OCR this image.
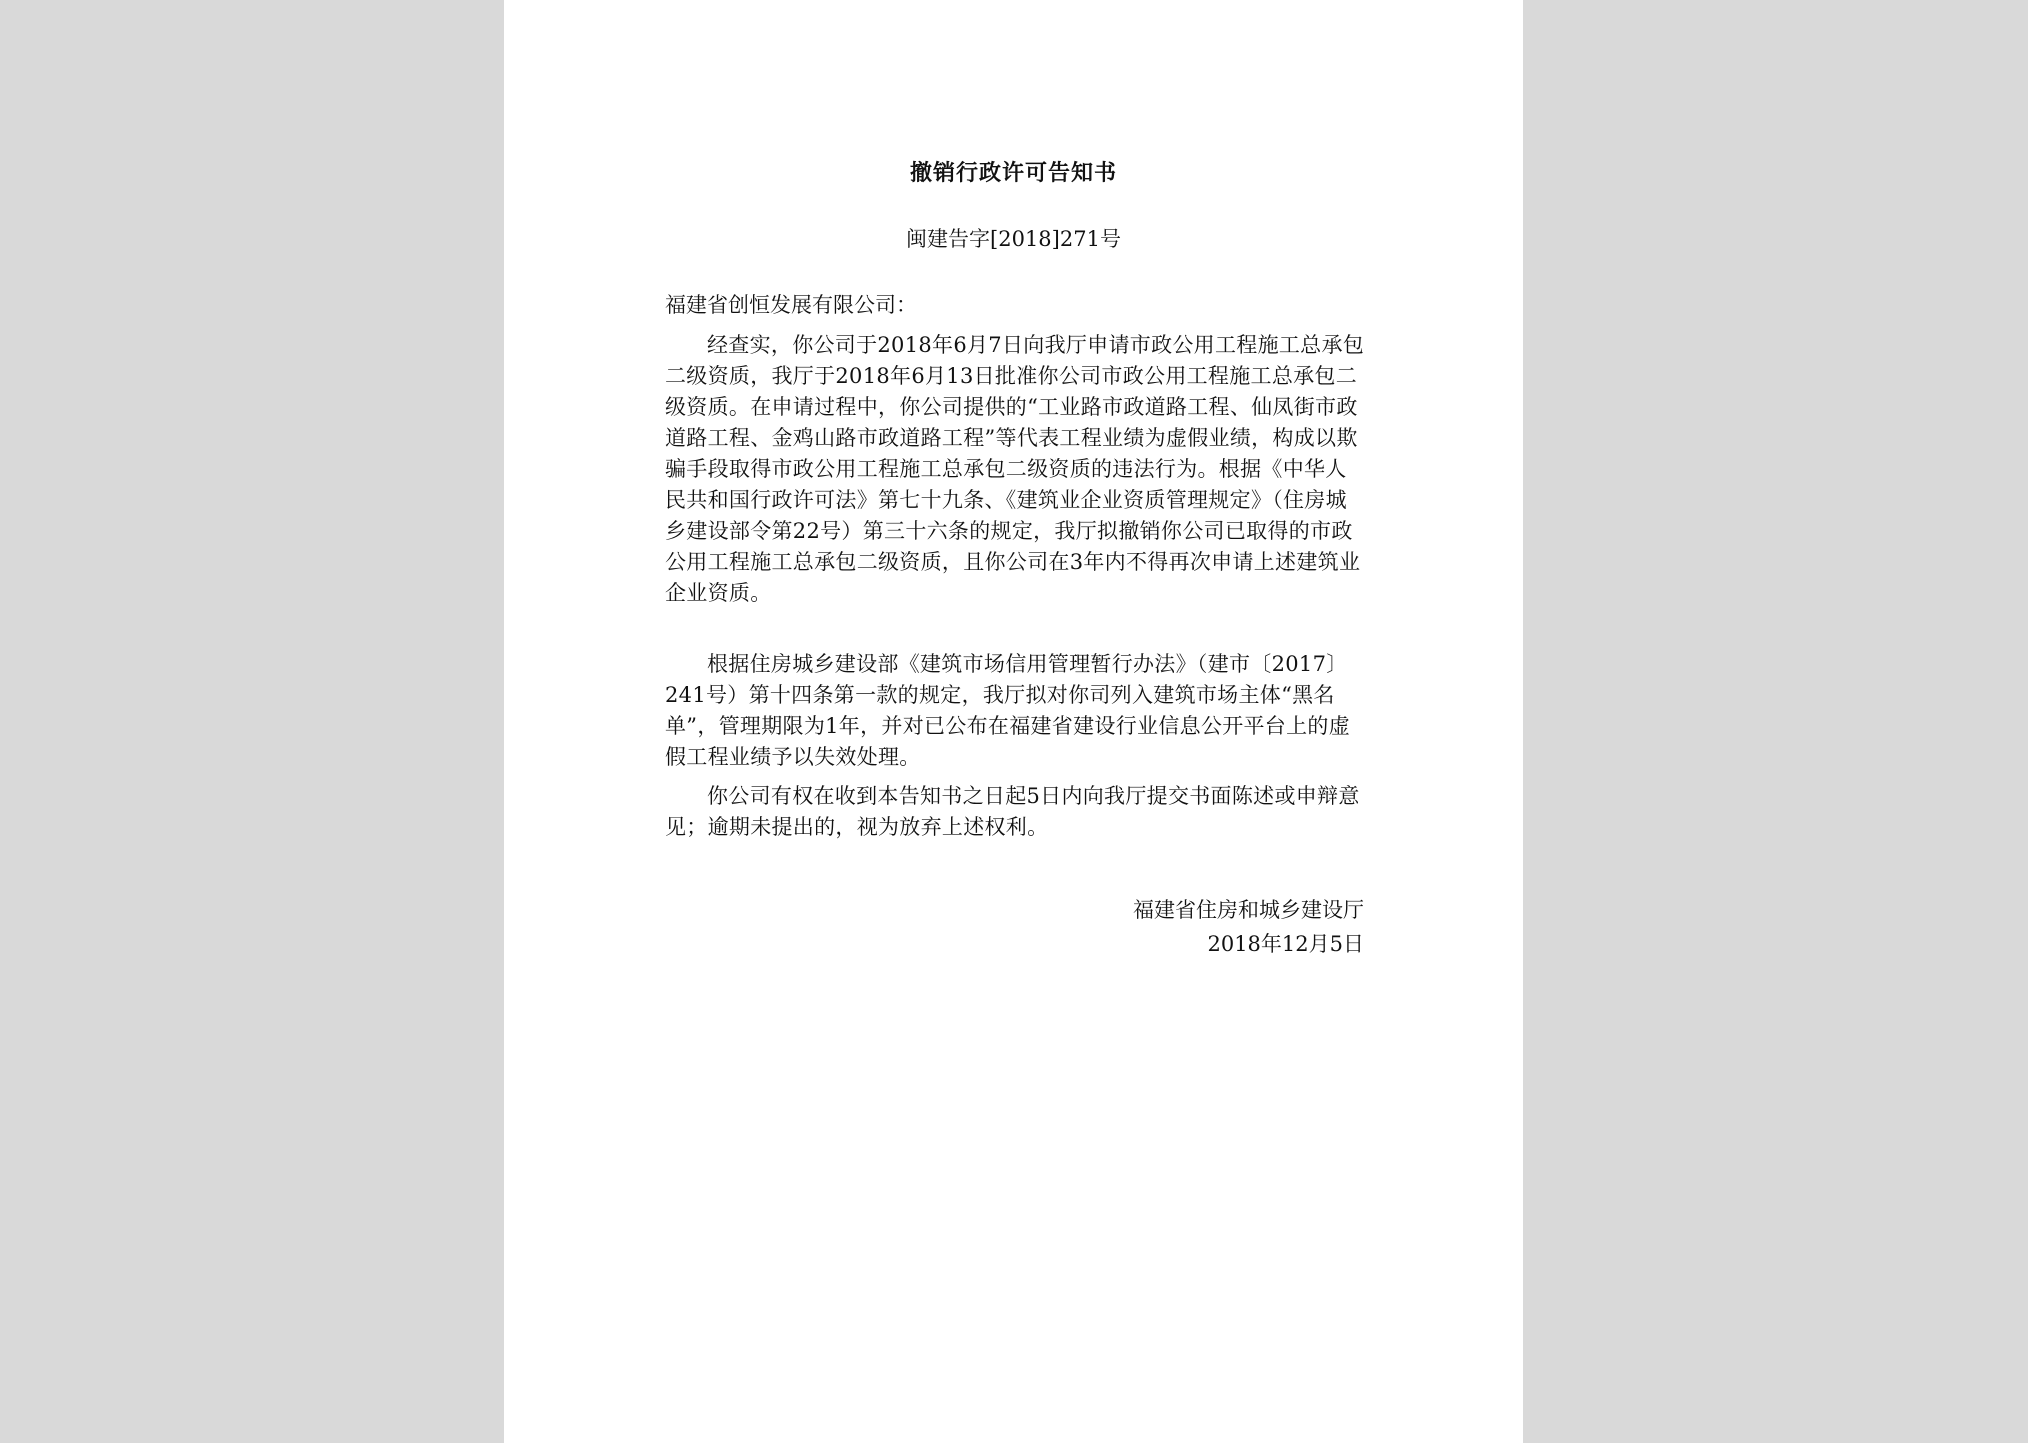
撤销行政许可告知书
闽建告字[2018]271号
福建省创恒发展有限公司：

经查实，你公司于2018年6月7日向我厅申请市政公用工程施工总承包二级资质，我厅于2018年6月13日批准你公司市政公用工程施工总承包二级资质。在申请过程中，你公司提供的“工业路市政道路工程、仙凤街市政道路工程、金鸡山路市政道路工程”等代表工程业绩为虚假业绩，构成以欺骗手段取得市政公用工程施工总承包二级资质的违法行为。根据《中华人民共和国行政许可法》第七十九条、《建筑业企业资质管理规定》（住房城乡建设部令第22号）第三十六条的规定，我厅拟撤销你公司已取得的市政公用工程施工总承包二级资质，且你公司在3年内不得再次申请上述建筑业企业资质。

根据住房城乡建设部《建筑市场信用管理暂行办法》（建市〔2017〕241号）第十四条第一款的规定，我厅拟对你司列入建筑市场主体“黑名单”，管理期限为1年，并对已公布在福建省建设行业信息公开平台上的虚假工程业绩予以失效处理。

你公司有权在收到本告知书之日起5日内向我厅提交书面陈述或申辩意见；逾期未提出的，视为放弃上述权利。

福建省住房和城乡建设厅
2018年12月5日
